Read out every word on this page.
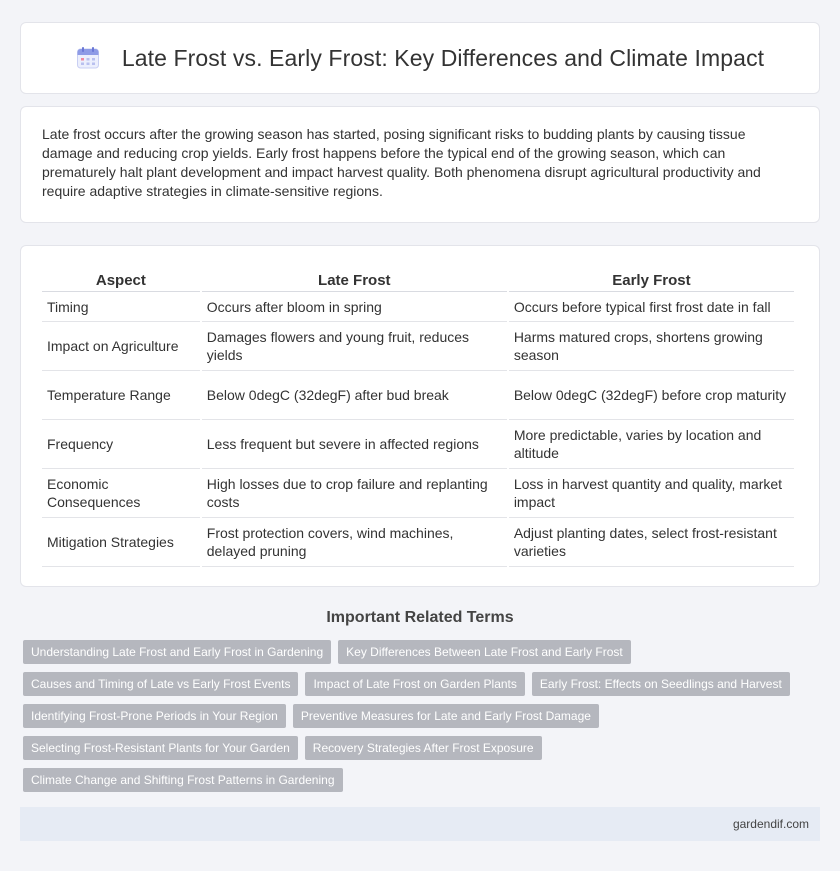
Late Frost vs. Early Frost: Key Differences and Climate Impact

Late frost occurs after the growing season has started, posing significant risks to budding plants by causing tissue damage and reducing crop yields. Early frost happens before the typical end of the growing season, which can prematurely halt plant development and impact harvest quality. Both phenomena disrupt agricultural productivity and require adaptive strategies in climate-sensitive regions.

Aspect	Late Frost	Early Frost
Timing	Occurs after bloom in spring	Occurs before typical first frost date in fall
Impact on Agriculture	Damages flowers and young fruit, reduces yields	Harms matured crops, shortens growing season
Temperature Range	Below 0degC (32degF) after bud break	Below 0degC (32degF) before crop maturity
Frequency	Less frequent but severe in affected regions	More predictable, varies by location and altitude
Economic Consequences	High losses due to crop failure and replanting costs	Loss in harvest quantity and quality, market impact
Mitigation Strategies	Frost protection covers, wind machines, delayed pruning	Adjust planting dates, select frost-resistant varieties
Important Related Terms
Understanding Late Frost and Early Frost in Gardening	Key Differences Between Late Frost and Early Frost
Causes and Timing of Late vs Early Frost Events	Impact of Late Frost on Garden Plants	Early Frost: Effects on Seedlings and Harvest
Identifying Frost-Prone Periods in Your Region	Preventive Measures for Late and Early Frost Damage
Selecting Frost-Resistant Plants for Your Garden	Recovery Strategies After Frost Exposure
Climate Change and Shifting Frost Patterns in Gardening
gardendif.com
